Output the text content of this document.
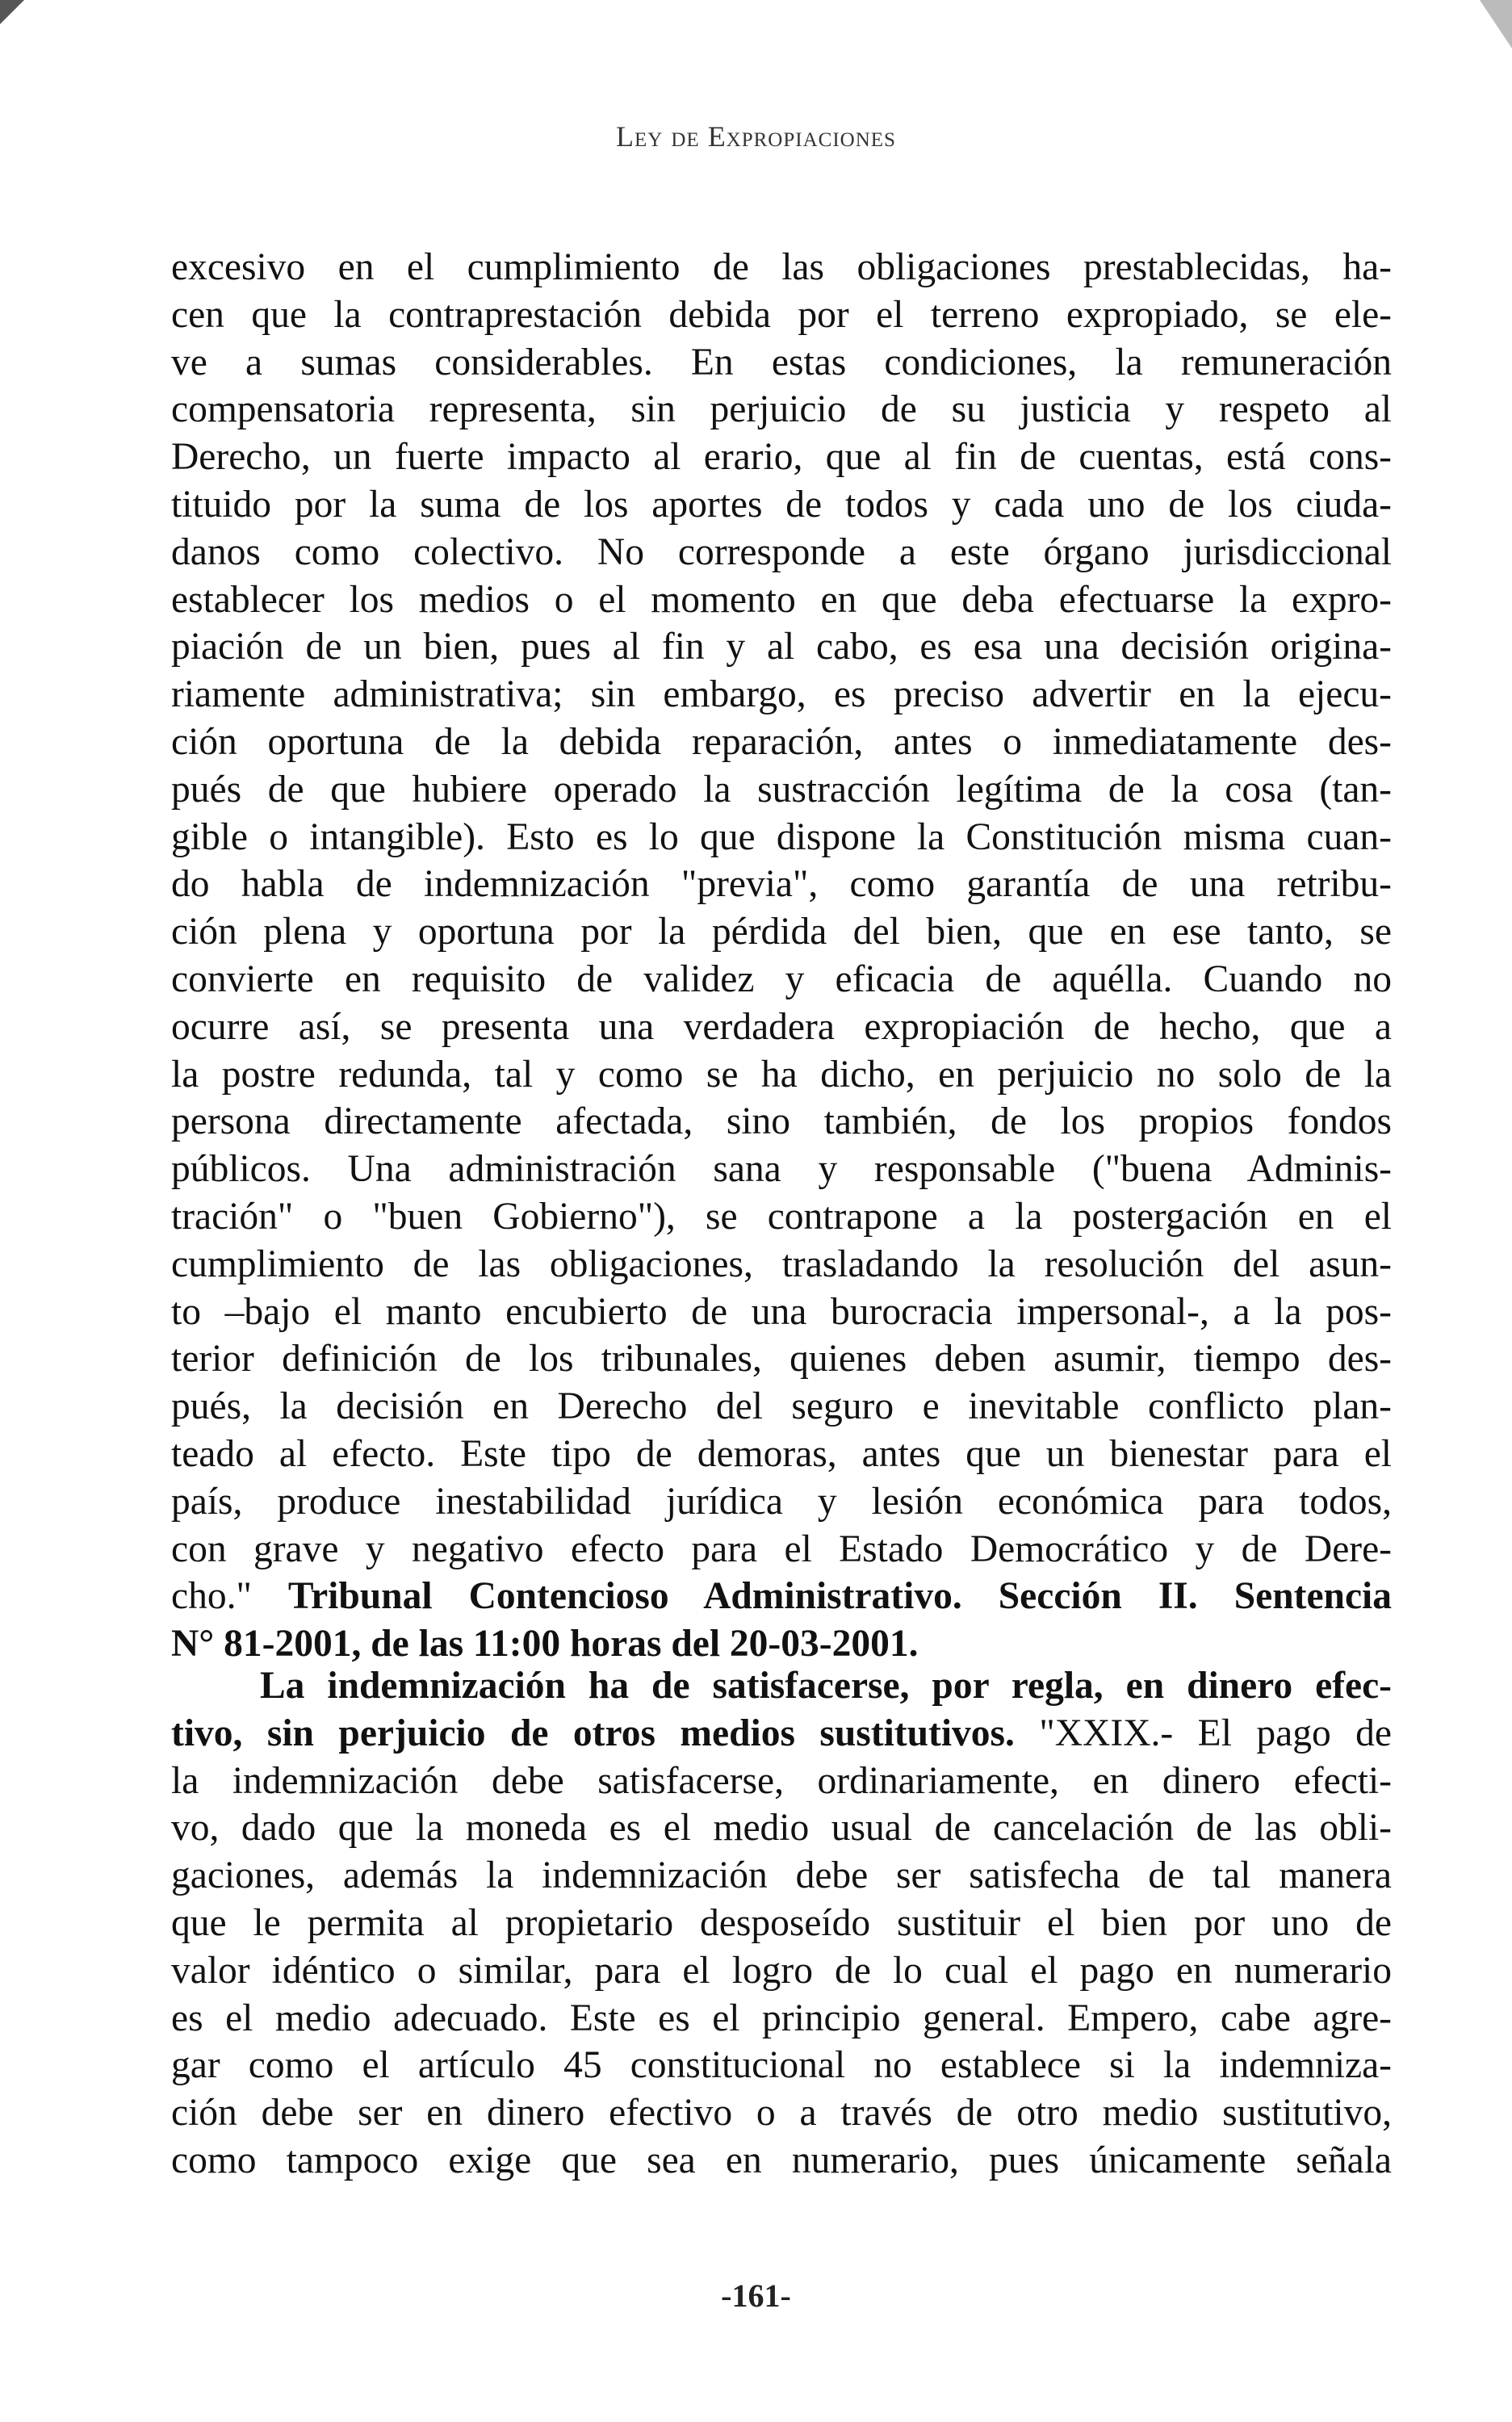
Ley de Expropiaciones
excesivo en el cumplimiento de las obligaciones prestablecidas, ha-
cen que la contraprestación debida por el terreno expropiado, se ele-
ve a sumas considerables. En estas condiciones, la remuneración
compensatoria representa, sin perjuicio de su justicia y respeto al
Derecho, un fuerte impacto al erario, que al fin de cuentas, está cons-
tituido por la suma de los aportes de todos y cada uno de los ciuda-
danos como colectivo. No corresponde a este órgano jurisdiccional
establecer los medios o el momento en que deba efectuarse la expro-
piación de un bien, pues al fin y al cabo, es esa una decisión origina-
riamente administrativa; sin embargo, es preciso advertir en la ejecu-
ción oportuna de la debida reparación, antes o inmediatamente des-
pués de que hubiere operado la sustracción legítima de la cosa (tan-
gible o intangible). Esto es lo que dispone la Constitución misma cuan-
do habla de indemnización "previa", como garantía de una retribu-
ción plena y oportuna por la pérdida del bien, que en ese tanto, se
convierte en requisito de validez y eficacia de aquélla. Cuando no
ocurre así, se presenta una verdadera expropiación de hecho, que a
la postre redunda, tal y como se ha dicho, en perjuicio no solo de la
persona directamente afectada, sino también, de los propios fondos
públicos. Una administración sana y responsable ("buena Adminis-
tración" o "buen Gobierno"), se contrapone a la postergación en el
cumplimiento de las obligaciones, trasladando la resolución del asun-
to –bajo el manto encubierto de una burocracia impersonal-, a la pos-
terior definición de los tribunales, quienes deben asumir, tiempo des-
pués, la decisión en Derecho del seguro e inevitable conflicto plan-
teado al efecto. Este tipo de demoras, antes que un bienestar para el
país, produce inestabilidad jurídica y lesión económica para todos,
con grave y negativo efecto para el Estado Democrático y de Dere-
cho." Tribunal Contencioso Administrativo. Sección II. Sentencia
N° 81-2001, de las 11:00 horas del 20-03-2001.
La indemnización ha de satisfacerse, por regla, en dinero efec-
tivo, sin perjuicio de otros medios sustitutivos. "XXIX.- El pago de
la indemnización debe satisfacerse, ordinariamente, en dinero efecti-
vo, dado que la moneda es el medio usual de cancelación de las obli-
gaciones, además la indemnización debe ser satisfecha de tal manera
que le permita al propietario desposeído sustituir el bien por uno de
valor idéntico o similar, para el logro de lo cual el pago en numerario
es el medio adecuado. Este es el principio general. Empero, cabe agre-
gar como el artículo 45 constitucional no establece si la indemniza-
ción debe ser en dinero efectivo o a través de otro medio sustitutivo,
como tampoco exige que sea en numerario, pues únicamente señala
-161-
